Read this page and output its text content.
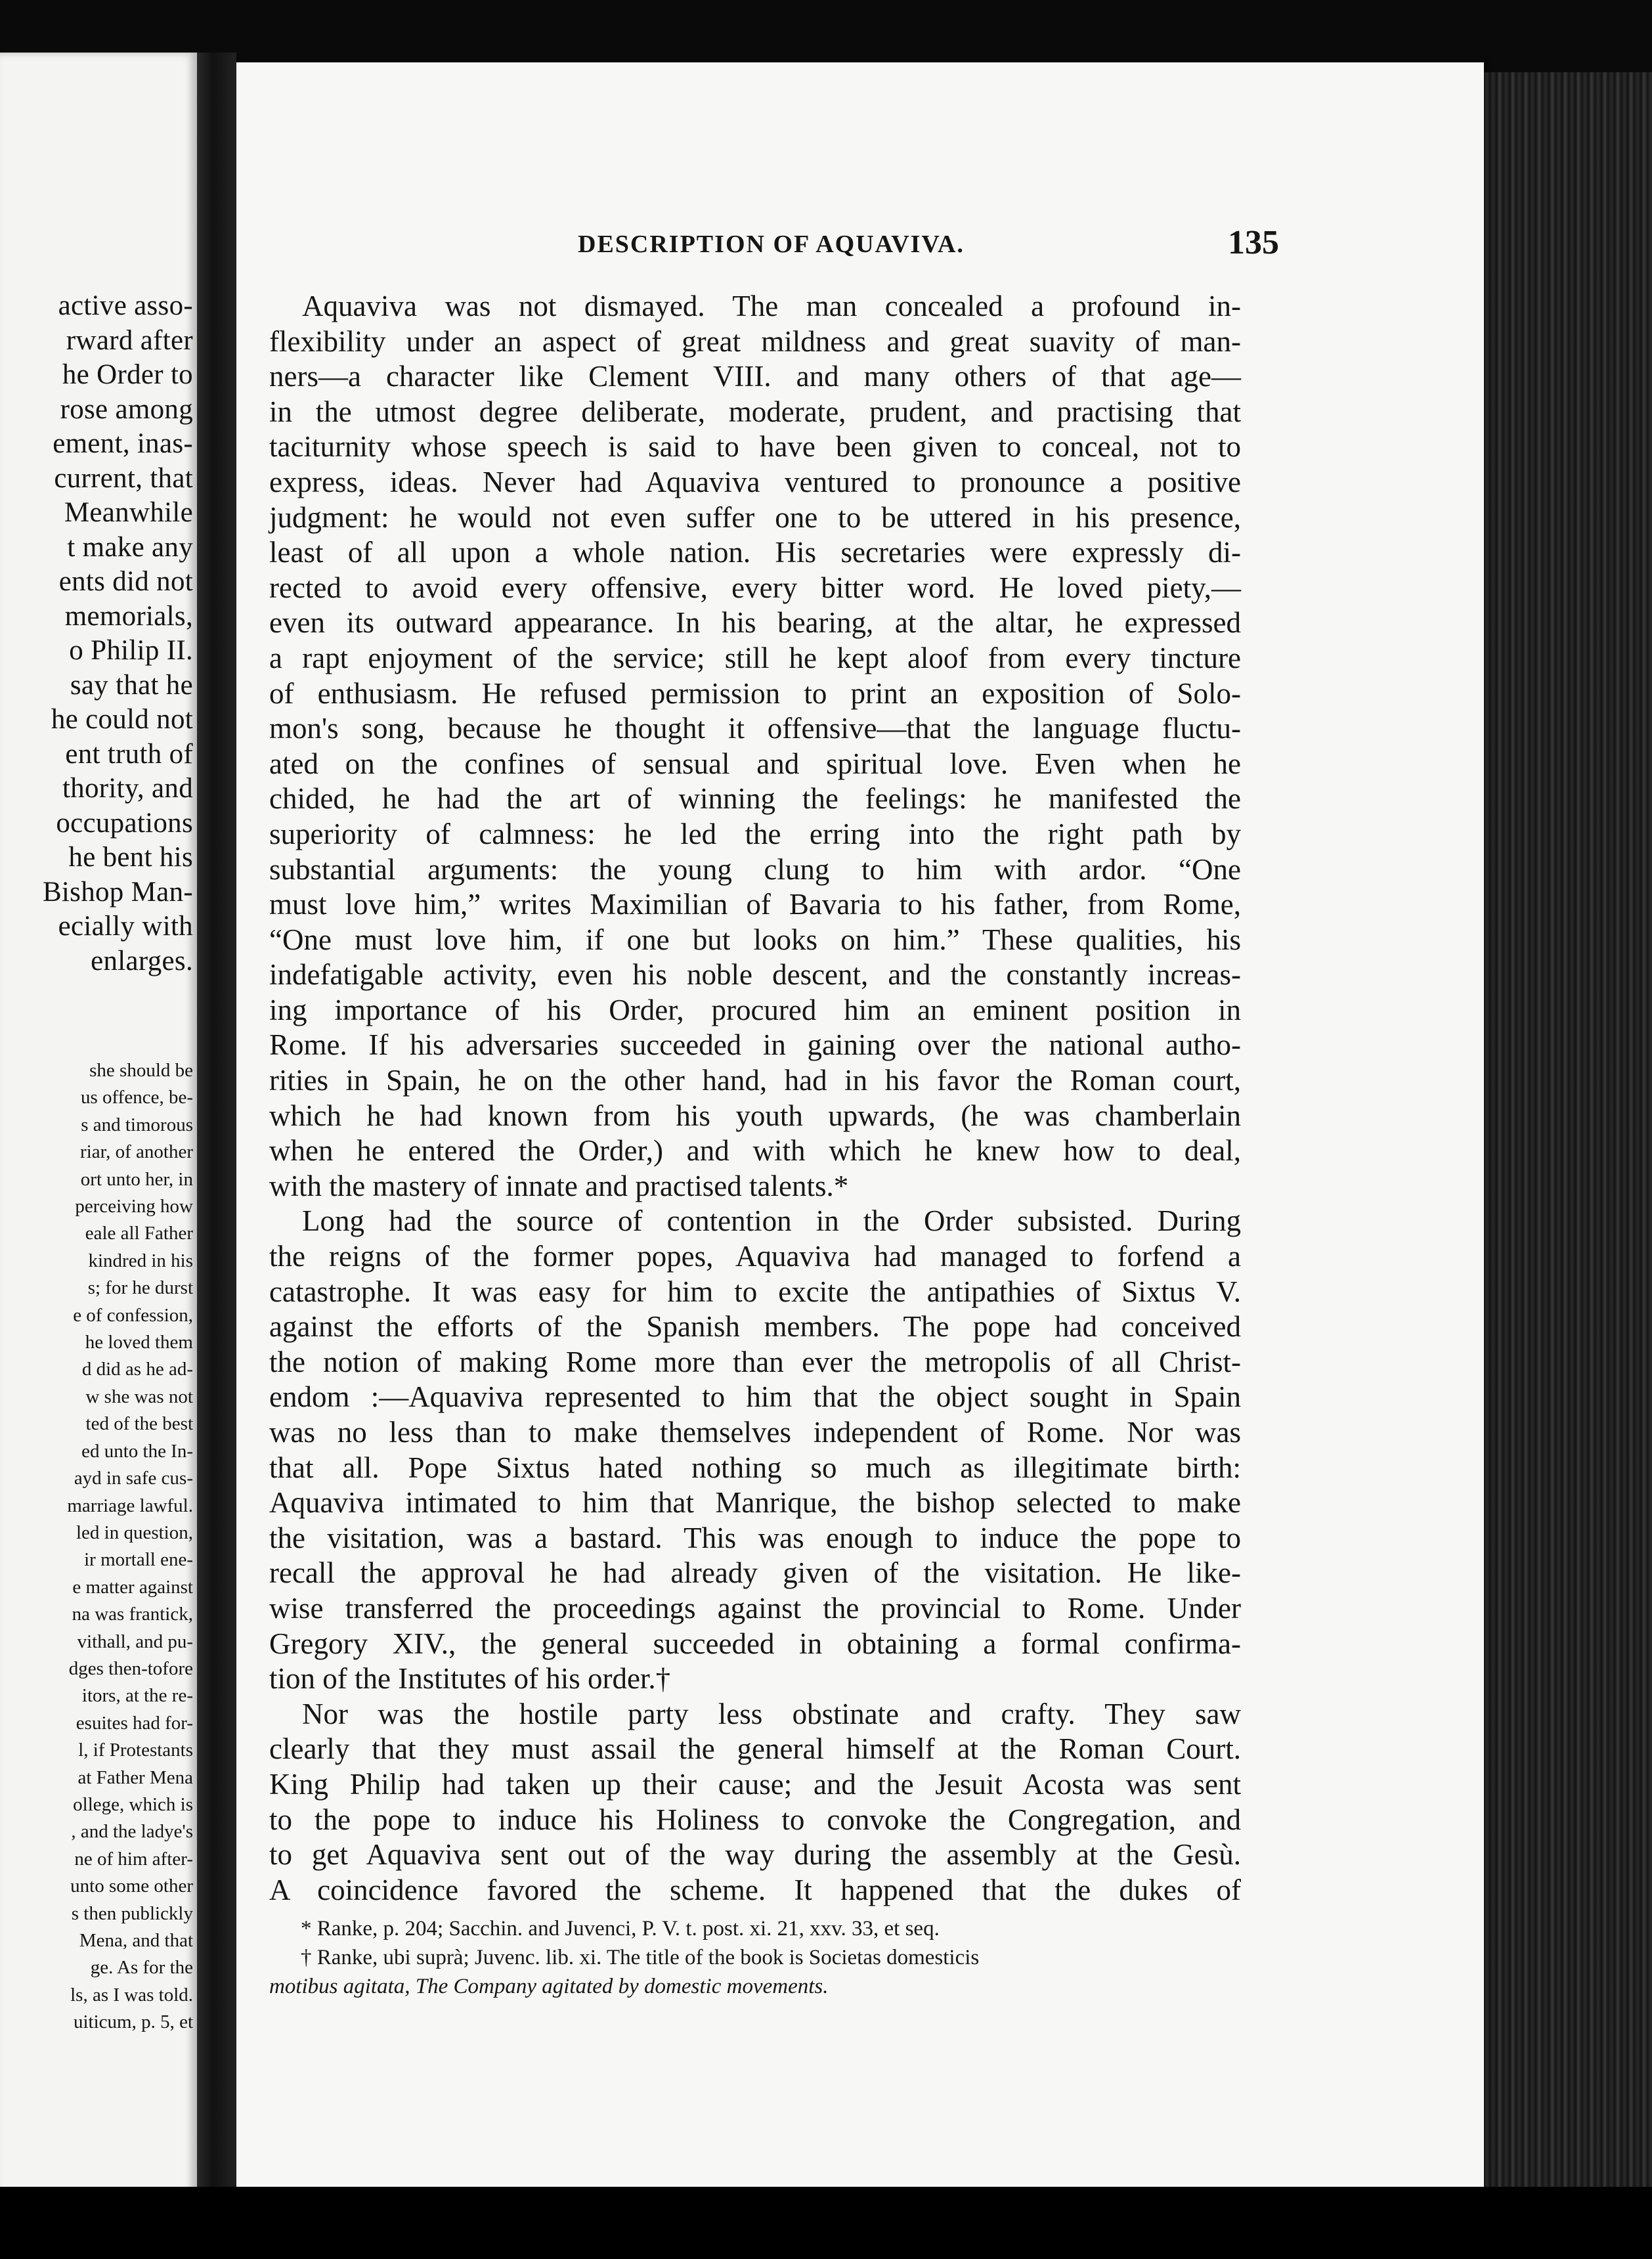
active asso-
rward after
he Order to
rose among
ement, inas-
current, that
Meanwhile
t make any
ents did not
memorials,
o Philip II.
say that he
he could not
ent truth of
thority, and
occupations
he bent his
Bishop Man-
ecially with
enlarges.
she should be
us offence, be-
s and timorous
riar, of another
ort unto her, in
perceiving how
eale all Father
kindred in his
s; for he durst
e of confession,
he loved them
d did as he ad-
w she was not
ted of the best
ed unto the In-
ayd in safe cus-
marriage lawful.
led in question,
ir mortall ene-
e matter against
na was frantick,
vithall, and pu-
dges then-tofore
itors, at the re-
esuites had for-
l, if Protestants
at Father Mena
ollege, which is
, and the ladye's
ne of him after-
unto some other
s then publickly
Mena, and that
ge. As for the
ls, as I was told.
uiticum, p. 5, et
DESCRIPTION OF AQUAVIVA.	135
Aquaviva was not dismayed. The man concealed a profound in-
flexibility under an aspect of great mildness and great suavity of man-
ners—a character like Clement VIII. and many others of that age—
in the utmost degree deliberate, moderate, prudent, and practising that
taciturnity whose speech is said to have been given to conceal, not to
express, ideas. Never had Aquaviva ventured to pronounce a positive
judgment: he would not even suffer one to be uttered in his presence,
least of all upon a whole nation. His secretaries were expressly di-
rected to avoid every offensive, every bitter word. He loved piety,—
even its outward appearance. In his bearing, at the altar, he expressed
a rapt enjoyment of the service; still he kept aloof from every tincture
of enthusiasm. He refused permission to print an exposition of Solo-
mon's song, because he thought it offensive—that the language fluctu-
ated on the confines of sensual and spiritual love. Even when he
chided, he had the art of winning the feelings: he manifested the
superiority of calmness: he led the erring into the right path by
substantial arguments: the young clung to him with ardor. “One
must love him,” writes Maximilian of Bavaria to his father, from Rome,
“One must love him, if one but looks on him.” These qualities, his
indefatigable activity, even his noble descent, and the constantly increas-
ing importance of his Order, procured him an eminent position in
Rome. If his adversaries succeeded in gaining over the national autho-
rities in Spain, he on the other hand, had in his favor the Roman court,
which he had known from his youth upwards, (he was chamberlain
when he entered the Order,) and with which he knew how to deal,
with the mastery of innate and practised talents.*
Long had the source of contention in the Order subsisted. During
the reigns of the former popes, Aquaviva had managed to forfend a
catastrophe. It was easy for him to excite the antipathies of Sixtus V.
against the efforts of the Spanish members. The pope had conceived
the notion of making Rome more than ever the metropolis of all Christ-
endom :—Aquaviva represented to him that the object sought in Spain
was no less than to make themselves independent of Rome. Nor was
that all. Pope Sixtus hated nothing so much as illegitimate birth:
Aquaviva intimated to him that Manrique, the bishop selected to make
the visitation, was a bastard. This was enough to induce the pope to
recall the approval he had already given of the visitation. He like-
wise transferred the proceedings against the provincial to Rome. Under
Gregory XIV., the general succeeded in obtaining a formal confirma-
tion of the Institutes of his order.†
Nor was the hostile party less obstinate and crafty. They saw
clearly that they must assail the general himself at the Roman Court.
King Philip had taken up their cause; and the Jesuit Acosta was sent
to the pope to induce his Holiness to convoke the Congregation, and
to get Aquaviva sent out of the way during the assembly at the Gesù.
A coincidence favored the scheme. It happened that the dukes of
* Ranke, p. 204; Sacchin. and Juvenci, P. V. t. post. xi. 21, xxv. 33, et seq.
† Ranke, ubi suprà; Juvenc. lib. xi. The title of the book is Societas domesticis
motibus agitata, The Company agitated by domestic movements.
